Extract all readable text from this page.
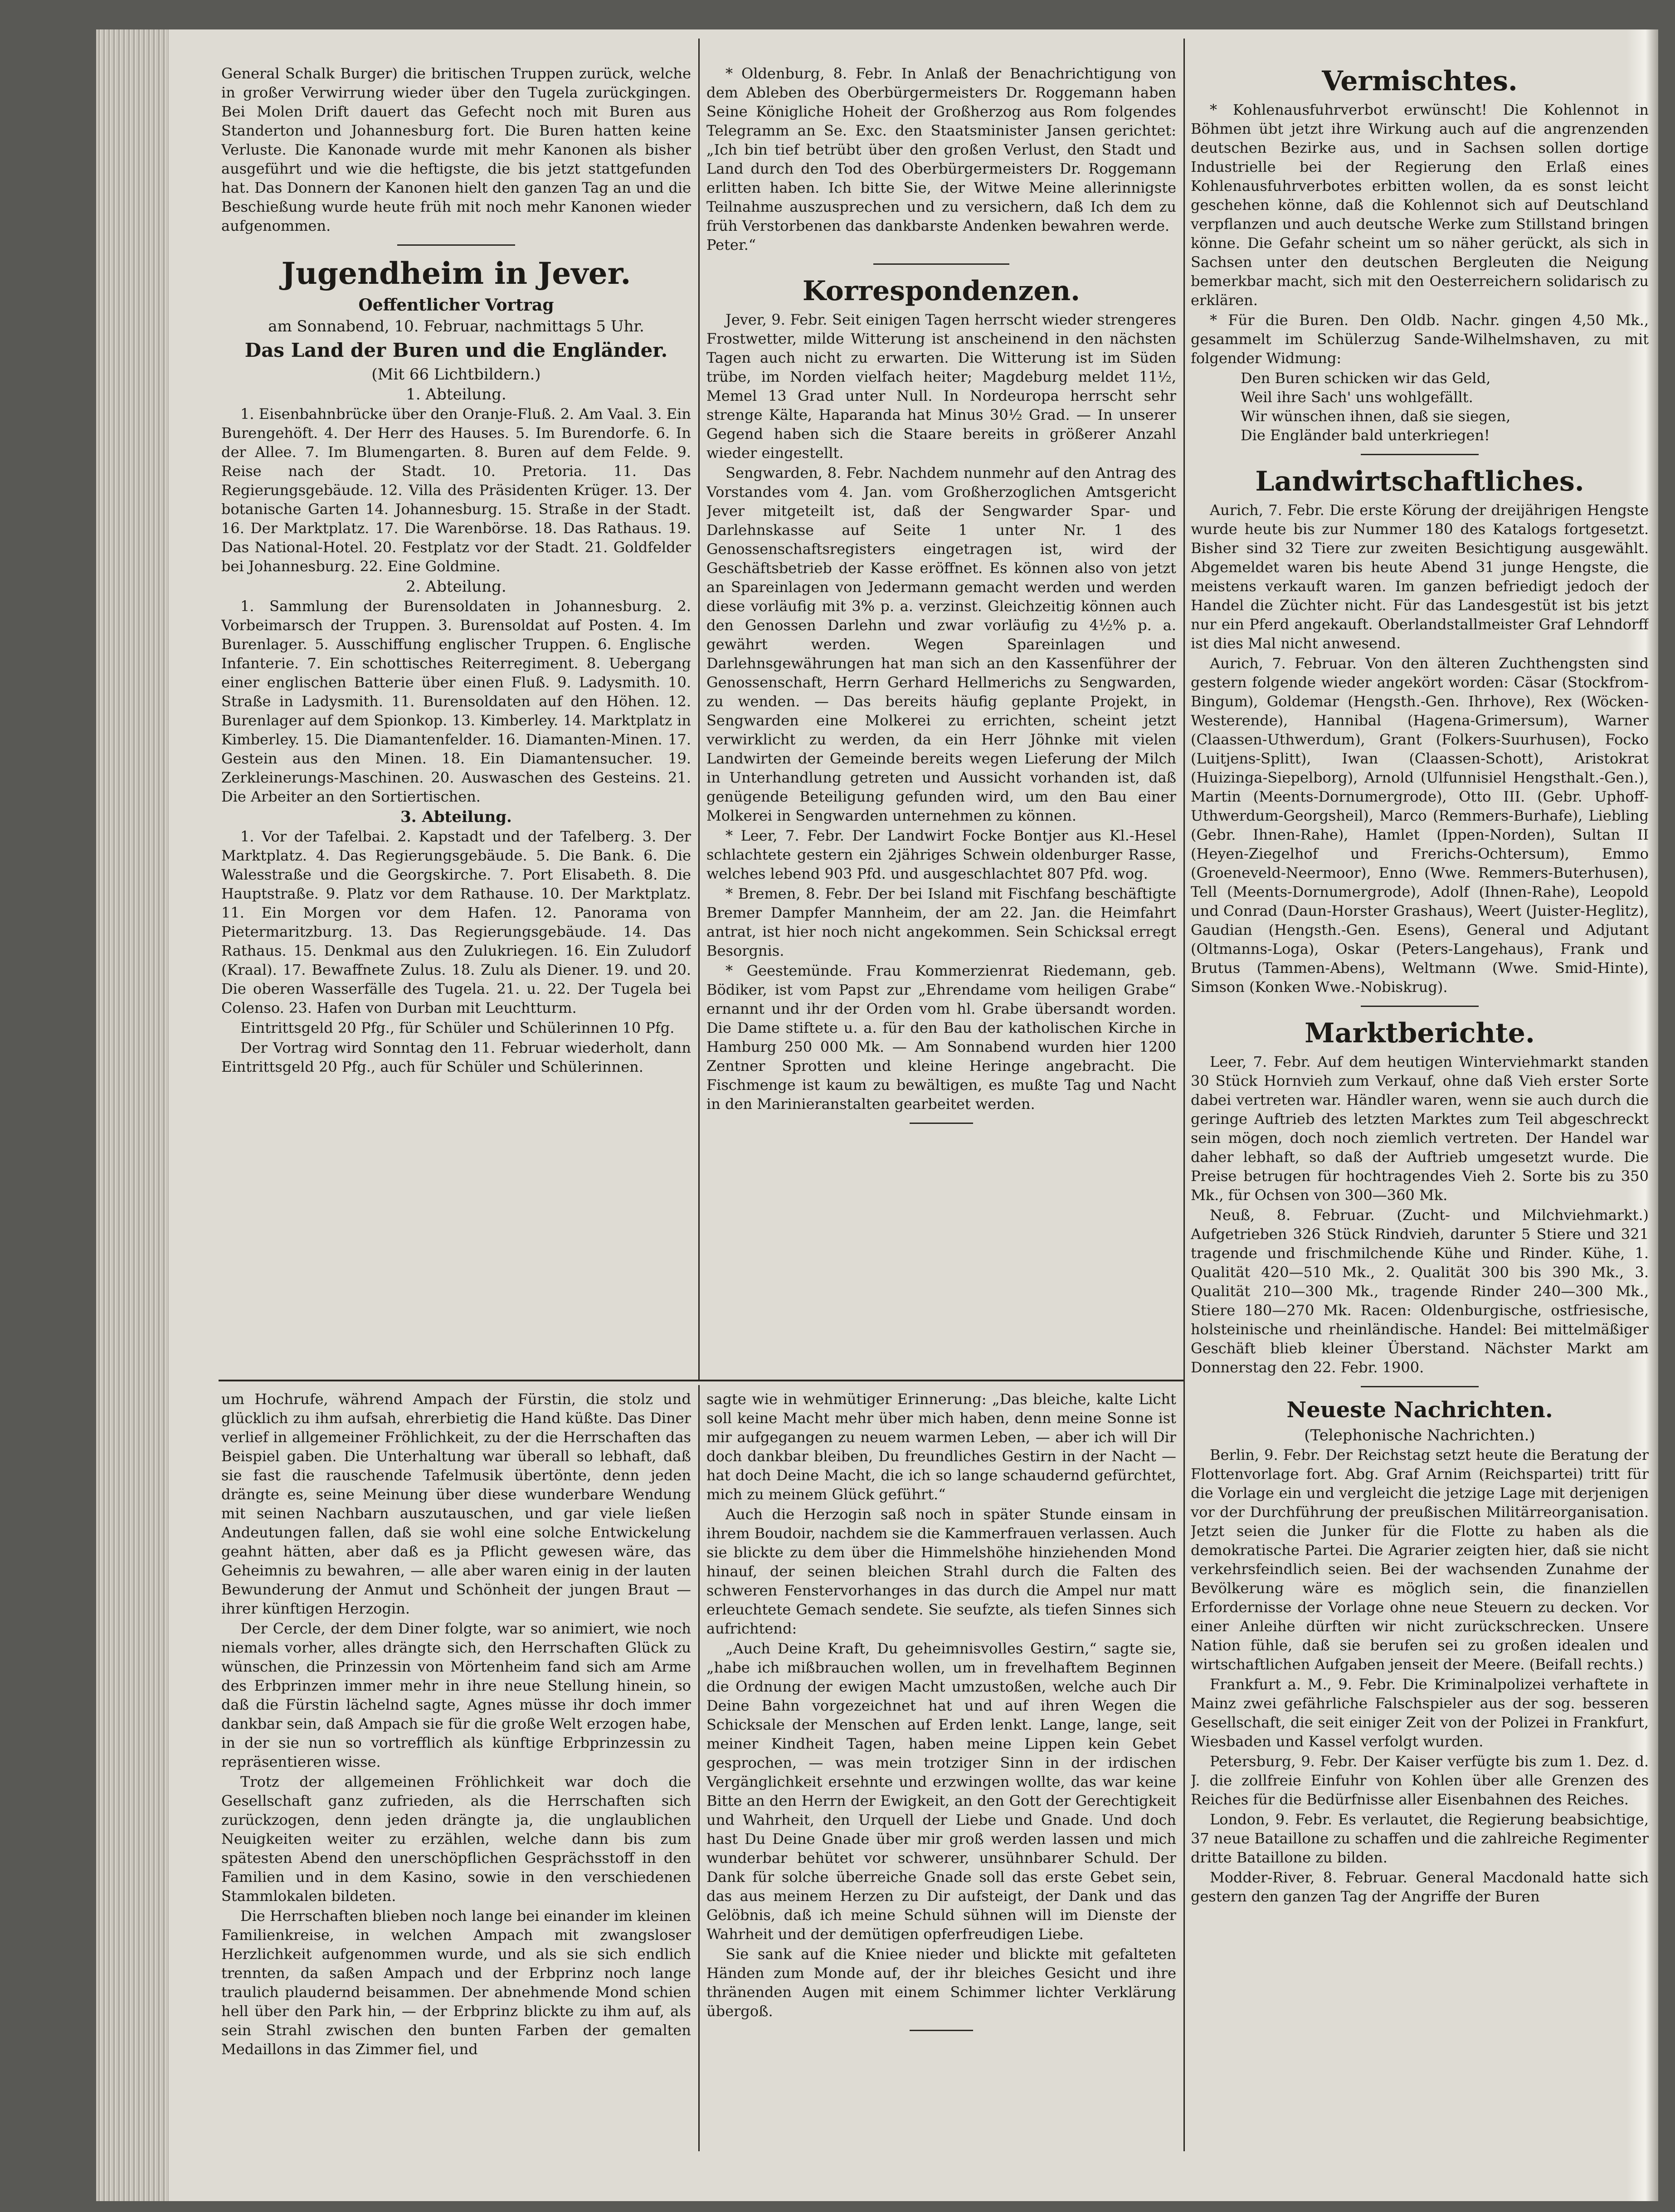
General Schalk Burger) die britischen Truppen zurück, welche in großer Verwirrung wieder über den Tugela zurückgingen. Bei Molen Drift dauert das Gefecht noch mit Buren aus Standerton und Johannesburg fort. Die Buren hatten keine Verluste. Die Kanonade wurde mit mehr Kanonen als bisher ausgeführt und wie die heftigste, die bis jetzt stattgefunden hat. Das Donnern der Kanonen hielt den ganzen Tag an und die Beschießung wurde heute früh mit noch mehr Kanonen wieder aufgenommen.

Jugendheim in Jever.
Oeffentlicher Vortrag
am Sonnabend, 10. Februar, nachmittags 5 Uhr.
Das Land der Buren und die Engländer.
(Mit 66 Lichtbildern.)
1. Abteilung.

1. Eisenbahnbrücke über den Oranje-Fluß. 2. Am Vaal. 3. Ein Burengehöft. 4. Der Herr des Hauses. 5. Im Burendorfe. 6. In der Allee. 7. Im Blumengarten. 8. Buren auf dem Felde. 9. Reise nach der Stadt. 10. Pretoria. 11. Das Regierungsgebäude. 12. Villa des Präsidenten Krüger. 13. Der botanische Garten 14. Johannesburg. 15. Straße in der Stadt. 16. Der Marktplatz. 17. Die Warenbörse. 18. Das Rathaus. 19. Das National-Hotel. 20. Festplatz vor der Stadt. 21. Goldfelder bei Johannesburg. 22. Eine Goldmine.

2. Abteilung.

1. Sammlung der Burensoldaten in Johannesburg. 2. Vorbeimarsch der Truppen. 3. Burensoldat auf Posten. 4. Im Burenlager. 5. Ausschiffung englischer Truppen. 6. Englische Infanterie. 7. Ein schottisches Reiterregiment. 8. Uebergang einer englischen Batterie über einen Fluß. 9. Ladysmith. 10. Straße in Ladysmith. 11. Burensoldaten auf den Höhen. 12. Burenlager auf dem Spionkop. 13. Kimberley. 14. Marktplatz in Kimberley. 15. Die Diamantenfelder. 16. Diamanten-Minen. 17. Gestein aus den Minen. 18. Ein Diamantensucher. 19. Zerkleinerungs-Maschinen. 20. Auswaschen des Gesteins. 21. Die Arbeiter an den Sortiertischen.

3. Abteilung.

1. Vor der Tafelbai. 2. Kapstadt und der Tafelberg. 3. Der Marktplatz. 4. Das Regierungsgebäude. 5. Die Bank. 6. Die Walesstraße und die Georgskirche. 7. Port Elisabeth. 8. Die Hauptstraße. 9. Platz vor dem Rathause. 10. Der Marktplatz. 11. Ein Morgen vor dem Hafen. 12. Panorama von Pietermaritzburg. 13. Das Regierungsgebäude. 14. Das Rathaus. 15. Denkmal aus den Zulukriegen. 16. Ein Zuludorf (Kraal). 17. Bewaffnete Zulus. 18. Zulu als Diener. 19. und 20. Die oberen Wasserfälle des Tugela. 21. u. 22. Der Tugela bei Colenso. 23. Hafen von Durban mit Leuchtturm.

Eintrittsgeld 20 Pfg., für Schüler und Schülerinnen 10 Pfg.

Der Vortrag wird Sonntag den 11. Februar wiederholt, dann Eintrittsgeld 20 Pfg., auch für Schüler und Schülerinnen.

* Oldenburg, 8. Febr. In Anlaß der Benachrichtigung von dem Ableben des Oberbürgermeisters Dr. Roggemann haben Seine Königliche Hoheit der Großherzog aus Rom folgendes Telegramm an Se. Exc. den Staatsminister Jansen gerichtet: „Ich bin tief betrübt über den großen Verlust, den Stadt und Land durch den Tod des Oberbürgermeisters Dr. Roggemann erlitten haben. Ich bitte Sie, der Witwe Meine allerinnigste Teilnahme auszusprechen und zu versichern, daß Ich dem zu früh Verstorbenen das dankbarste Andenken bewahren werde.
Peter.“

Korrespondenzen.

Jever, 9. Febr. Seit einigen Tagen herrscht wieder strengeres Frostwetter, milde Witterung ist anscheinend in den nächsten Tagen auch nicht zu erwarten. Die Witterung ist im Süden trübe, im Norden vielfach heiter; Magdeburg meldet 11½, Memel 13 Grad unter Null. In Nordeuropa herrscht sehr strenge Kälte, Haparanda hat Minus 30½ Grad. — In unserer Gegend haben sich die Staare bereits in größerer Anzahl wieder eingestellt.

Sengwarden, 8. Febr. Nachdem nunmehr auf den Antrag des Vorstandes vom 4. Jan. vom Großherzoglichen Amtsgericht Jever mitgeteilt ist, daß der Sengwarder Spar- und Darlehnskasse auf Seite 1 unter Nr. 1 des Genossenschaftsregisters eingetragen ist, wird der Geschäftsbetrieb der Kasse eröffnet. Es können also von jetzt an Spareinlagen von Jedermann gemacht werden und werden diese vorläufig mit 3% p. a. verzinst. Gleichzeitig können auch den Genossen Darlehn und zwar vorläufig zu 4½% p. a. gewährt werden. Wegen Spareinlagen und Darlehnsgewährungen hat man sich an den Kassenführer der Genossenschaft, Herrn Gerhard Hellmerichs zu Sengwarden, zu wenden. — Das bereits häufig geplante Projekt, in Sengwarden eine Molkerei zu errichten, scheint jetzt verwirklicht zu werden, da ein Herr Jöhnke mit vielen Landwirten der Gemeinde bereits wegen Lieferung der Milch in Unterhandlung getreten und Aussicht vorhanden ist, daß genügende Beteiligung gefunden wird, um den Bau einer Molkerei in Sengwarden unternehmen zu können.

* Leer, 7. Febr. Der Landwirt Focke Bontjer aus Kl.-Hesel schlachtete gestern ein 2jähriges Schwein oldenburger Rasse, welches lebend 903 Pfd. und ausgeschlachtet 807 Pfd. wog.

* Bremen, 8. Febr. Der bei Island mit Fischfang beschäftigte Bremer Dampfer Mannheim, der am 22. Jan. die Heimfahrt antrat, ist hier noch nicht angekommen. Sein Schicksal erregt Besorgnis.

* Geestemünde. Frau Kommerzienrat Riedemann, geb. Bödiker, ist vom Papst zur „Ehrendame vom heiligen Grabe“ ernannt und ihr der Orden vom hl. Grabe übersandt worden. Die Dame stiftete u. a. für den Bau der katholischen Kirche in Hamburg 250 000 Mk. — Am Sonnabend wurden hier 1200 Zentner Sprotten und kleine Heringe angebracht. Die Fischmenge ist kaum zu bewältigen, es mußte Tag und Nacht in den Marinieranstalten gearbeitet werden.

Vermischtes.

* Kohlenausfuhrverbot erwünscht! Die Kohlennot in Böhmen übt jetzt ihre Wirkung auch auf die angrenzenden deutschen Bezirke aus, und in Sachsen sollen dortige Industrielle bei der Regierung den Erlaß eines Kohlenausfuhrverbotes erbitten wollen, da es sonst leicht geschehen könne, daß die Kohlennot sich auf Deutschland verpflanzen und auch deutsche Werke zum Stillstand bringen könne. Die Gefahr scheint um so näher gerückt, als sich in Sachsen unter den deutschen Bergleuten die Neigung bemerkbar macht, sich mit den Oesterreichern solidarisch zu erklären.

* Für die Buren. Den Oldb. Nachr. gingen 4,50 Mk., gesammelt im Schülerzug Sande-Wilhelmshaven, zu mit folgender Widmung:

Den Buren schicken wir das Geld,
Weil ihre Sach' uns wohlgefällt.
Wir wünschen ihnen, daß sie siegen,
Die Engländer bald unterkriegen!

Landwirtschaftliches.

Aurich, 7. Febr. Die erste Körung der dreijährigen Hengste wurde heute bis zur Nummer 180 des Katalogs fortgesetzt. Bisher sind 32 Tiere zur zweiten Besichtigung ausgewählt. Abgemeldet waren bis heute Abend 31 junge Hengste, die meistens verkauft waren. Im ganzen befriedigt jedoch der Handel die Züchter nicht. Für das Landesgestüt ist bis jetzt nur ein Pferd angekauft. Oberlandstallmeister Graf Lehndorff ist dies Mal nicht anwesend.

Aurich, 7. Februar. Von den älteren Zuchthengsten sind gestern folgende wieder angekört worden: Cäsar (Stockfrom-Bingum), Goldemar (Hengsth.-Gen. Ihrhove), Rex (Wöcken-Westerende), Hannibal (Hagena-Grimersum), Warner (Claassen-Uthwerdum), Grant (Folkers-Suurhusen), Focko (Luitjens-Splitt), Iwan (Claassen-Schott), Aristokrat (Huizinga-Siepelborg), Arnold (Ulfunnisiel Hengsthalt.-Gen.), Martin (Meents-Dornumergrode), Otto III. (Gebr. Uphoff-Uthwerdum-Georgsheil), Marco (Remmers-Burhafe), Liebling (Gebr. Ihnen-Rahe), Hamlet (Ippen-Norden), Sultan II (Heyen-Ziegelhof und Frerichs-Ochtersum), Emmo (Groeneveld-Neermoor), Enno (Wwe. Remmers-Buterhusen), Tell (Meents-Dornumergrode), Adolf (Ihnen-Rahe), Leopold und Conrad (Daun-Horster Grashaus), Weert (Juister-Heglitz), Gaudian (Hengsth.-Gen. Esens), General und Adjutant (Oltmanns-Loga), Oskar (Peters-Langehaus), Frank und Brutus (Tammen-Abens), Weltmann (Wwe. Smid-Hinte), Simson (Konken Wwe.-Nobiskrug).

Marktberichte.

Leer, 7. Febr. Auf dem heutigen Winterviehmarkt standen 30 Stück Hornvieh zum Verkauf, ohne daß Vieh erster Sorte dabei vertreten war. Händler waren, wenn sie auch durch die geringe Auftrieb des letzten Marktes zum Teil abgeschreckt sein mögen, doch noch ziemlich vertreten. Der Handel war daher lebhaft, so daß der Auftrieb umgesetzt wurde. Die Preise betrugen für hochtragendes Vieh 2. Sorte bis zu 350 Mk., für Ochsen von 300—360 Mk.

Neuß, 8. Februar. (Zucht- und Milchviehmarkt.) Aufgetrieben 326 Stück Rindvieh, darunter 5 Stiere und 321 tragende und frischmilchende Kühe und Rinder. Kühe, 1. Qualität 420—510 Mk., 2. Qualität 300 bis 390 Mk., 3. Qualität 210—300 Mk., tragende Rinder 240—300 Mk., Stiere 180—270 Mk. Racen: Oldenburgische, ostfriesische, holsteinische und rheinländische. Handel: Bei mittelmäßiger Geschäft blieb kleiner Überstand. Nächster Markt am Donnerstag den 22. Febr. 1900.

Neueste Nachrichten.
(Telephonische Nachrichten.)

Berlin, 9. Febr. Der Reichstag setzt heute die Beratung der Flottenvorlage fort. Abg. Graf Arnim (Reichspartei) tritt für die Vorlage ein und vergleicht die jetzige Lage mit derjenigen vor der Durchführung der preußischen Militärreorganisation. Jetzt seien die Junker für die Flotte zu haben als die demokratische Partei. Die Agrarier zeigten hier, daß sie nicht verkehrsfeindlich seien. Bei der wachsenden Zunahme der Bevölkerung wäre es möglich sein, die finanziellen Erfordernisse der Vorlage ohne neue Steuern zu decken. Vor einer Anleihe dürften wir nicht zurückschrecken. Unsere Nation fühle, daß sie berufen sei zu großen idealen und wirtschaftlichen Aufgaben jenseit der Meere. (Beifall rechts.)

Frankfurt a. M., 9. Febr. Die Kriminalpolizei verhaftete in Mainz zwei gefährliche Falschspieler aus der sog. besseren Gesellschaft, die seit einiger Zeit von der Polizei in Frankfurt, Wiesbaden und Kassel verfolgt wurden.

Petersburg, 9. Febr. Der Kaiser verfügte bis zum 1. Dez. d. J. die zollfreie Einfuhr von Kohlen über alle Grenzen des Reiches für die Bedürfnisse aller Eisenbahnen des Reiches.

London, 9. Febr. Es verlautet, die Regierung beabsichtige, 37 neue Bataillone zu schaffen und die zahlreiche Regimenter dritte Bataillone zu bilden.

Modder-River, 8. Februar. General Macdonald hatte sich gestern den ganzen Tag der Angriffe der Buren

um Hochrufe, während Ampach der Fürstin, die stolz und glücklich zu ihm aufsah, ehrerbietig die Hand küßte. Das Diner verlief in allgemeiner Fröhlichkeit, zu der die Herrschaften das Beispiel gaben. Die Unterhaltung war überall so lebhaft, daß sie fast die rauschende Tafelmusik übertönte, denn jeden drängte es, seine Meinung über diese wunderbare Wendung mit seinen Nachbarn auszutauschen, und gar viele ließen Andeutungen fallen, daß sie wohl eine solche Entwickelung geahnt hätten, aber daß es ja Pflicht gewesen wäre, das Geheimnis zu bewahren, — alle aber waren einig in der lauten Bewunderung der Anmut und Schönheit der jungen Braut — ihrer künftigen Herzogin.

Der Cercle, der dem Diner folgte, war so animiert, wie noch niemals vorher, alles drängte sich, den Herrschaften Glück zu wünschen, die Prinzessin von Mörtenheim fand sich am Arme des Erbprinzen immer mehr in ihre neue Stellung hinein, so daß die Fürstin lächelnd sagte, Agnes müsse ihr doch immer dankbar sein, daß Ampach sie für die große Welt erzogen habe, in der sie nun so vortrefflich als künftige Erbprinzessin zu repräsentieren wisse.

Trotz der allgemeinen Fröhlichkeit war doch die Gesellschaft ganz zufrieden, als die Herrschaften sich zurückzogen, denn jeden drängte ja, die unglaublichen Neuigkeiten weiter zu erzählen, welche dann bis zum spätesten Abend den unerschöpflichen Gesprächsstoff in den Familien und in dem Kasino, sowie in den verschiedenen Stammlokalen bildeten.

Die Herrschaften blieben noch lange bei einander im kleinen Familienkreise, in welchen Ampach mit zwangsloser Herzlichkeit aufgenommen wurde, und als sie sich endlich trennten, da saßen Ampach und der Erbprinz noch lange traulich plaudernd beisammen. Der abnehmende Mond schien hell über den Park hin, — der Erbprinz blickte zu ihm auf, als sein Strahl zwischen den bunten Farben der gemalten Medaillons in das Zimmer fiel, und

sagte wie in wehmütiger Erinnerung: „Das bleiche, kalte Licht soll keine Macht mehr über mich haben, denn meine Sonne ist mir aufgegangen zu neuem warmen Leben, — aber ich will Dir doch dankbar bleiben, Du freundliches Gestirn in der Nacht — hat doch Deine Macht, die ich so lange schaudernd gefürchtet, mich zu meinem Glück geführt.“

Auch die Herzogin saß noch in später Stunde einsam in ihrem Boudoir, nachdem sie die Kammerfrauen verlassen. Auch sie blickte zu dem über die Himmelshöhe hinziehenden Mond hinauf, der seinen bleichen Strahl durch die Falten des schweren Fenstervorhanges in das durch die Ampel nur matt erleuchtete Gemach sendete. Sie seufzte, als tiefen Sinnes sich aufrichtend:

„Auch Deine Kraft, Du geheimnisvolles Gestirn,“ sagte sie, „habe ich mißbrauchen wollen, um in frevelhaftem Beginnen die Ordnung der ewigen Macht umzustoßen, welche auch Dir Deine Bahn vorgezeichnet hat und auf ihren Wegen die Schicksale der Menschen auf Erden lenkt. Lange, lange, seit meiner Kindheit Tagen, haben meine Lippen kein Gebet gesprochen, — was mein trotziger Sinn in der irdischen Vergänglichkeit ersehnte und erzwingen wollte, das war keine Bitte an den Herrn der Ewigkeit, an den Gott der Gerechtigkeit und Wahrheit, den Urquell der Liebe und Gnade. Und doch hast Du Deine Gnade über mir groß werden lassen und mich wunderbar behütet vor schwerer, unsühnbarer Schuld. Der Dank für solche überreiche Gnade soll das erste Gebet sein, das aus meinem Herzen zu Dir aufsteigt, der Dank und das Gelöbnis, daß ich meine Schuld sühnen will im Dienste der Wahrheit und der demütigen opferfreudigen Liebe.

Sie sank auf die Kniee nieder und blickte mit gefalteten Händen zum Monde auf, der ihr bleiches Gesicht und ihre thränenden Augen mit einem Schimmer lichter Verklärung übergoß.
